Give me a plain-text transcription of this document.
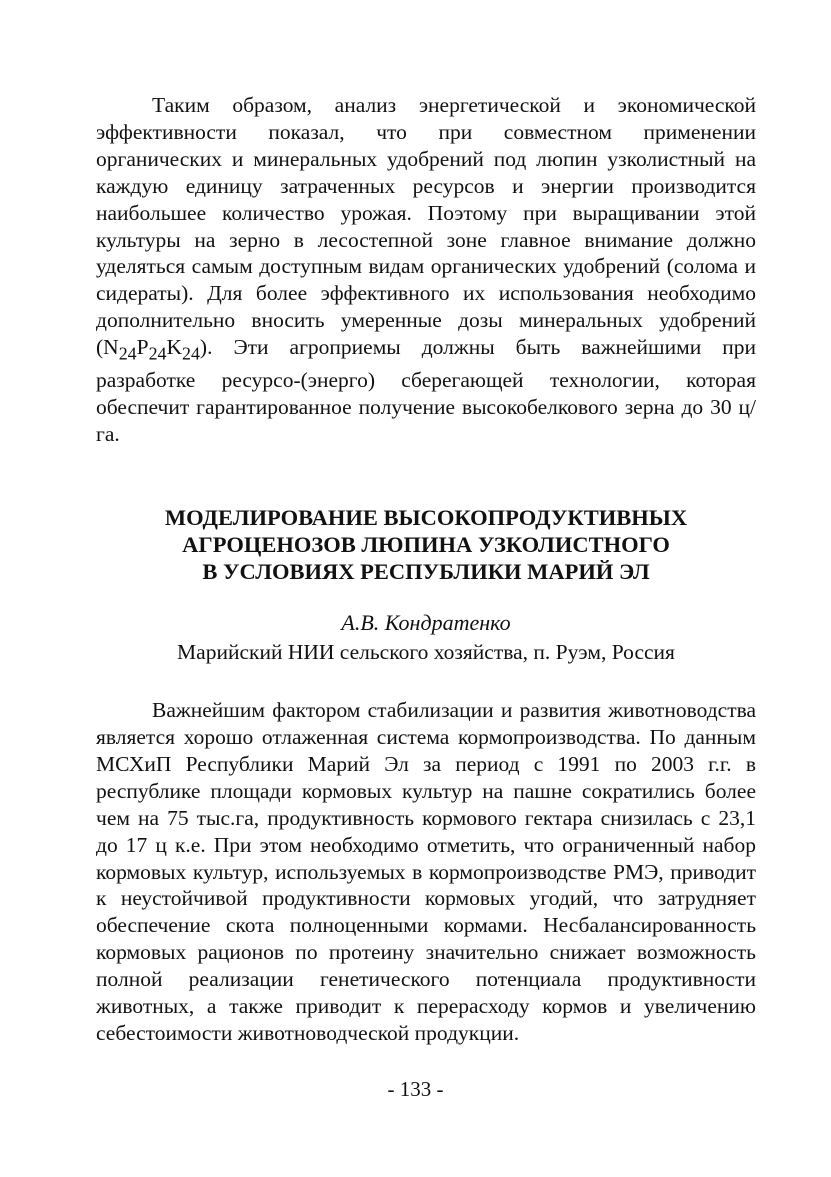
Таким образом, анализ энергетической и экономической эффективности показал, что при совместном применении органических и минеральных удобрений под люпин узколистный на каждую единицу затраченных ресурсов и энергии производится наибольшее количество урожая. Поэтому при выращивании этой культуры на зерно в лесостепной зоне главное внимание должно уделяться самым доступным видам органических удобрений (солома и сидераты). Для более эффективного их использования необходимо дополнительно вносить умеренные дозы минеральных удобрений $(N_{24}P_{24}K_{24})$. Эти агроприемы должны быть важнейшими при разработке ресурсо-(энерго) сберегающей технологии, которая обеспечит гарантированное получение высокобелкового зерна до 30 ц/га.

МОДЕЛИРОВАНИЕ ВЫСОКОПРОДУКТИВНЫХ
АГРОЦЕНОЗОВ ЛЮПИНА УЗКОЛИСТНОГО
В УСЛОВИЯХ РЕСПУБЛИКИ МАРИЙ ЭЛ

А.В. Кондратенко

Марийский НИИ сельского хозяйства, п. Руэм, Россия

Важнейшим фактором стабилизации и развития животноводства является хорошо отлаженная система кормопроизводства. По данным МСХиП Республики Марий Эл за период с 1991 по 2003 г.г. в республике площади кормовых культур на пашне сократились более чем на 75 тыс.га, продуктивность кормового гектара снизилась с 23,1 до 17 ц к.е. При этом необходимо отметить, что ограниченный набор кормовых культур, используемых в кормопроизводстве РМЭ, приводит к неустойчивой продуктивности кормовых угодий, что затрудняет обеспечение скота полноценными кормами. Несбалансированность кормовых рационов по протеину значительно снижает возможность полной реализации генетического потенциала продуктивности животных, а также приводит к перерасходу кормов и увеличению себестоимости животноводческой продукции.

- 133 -
